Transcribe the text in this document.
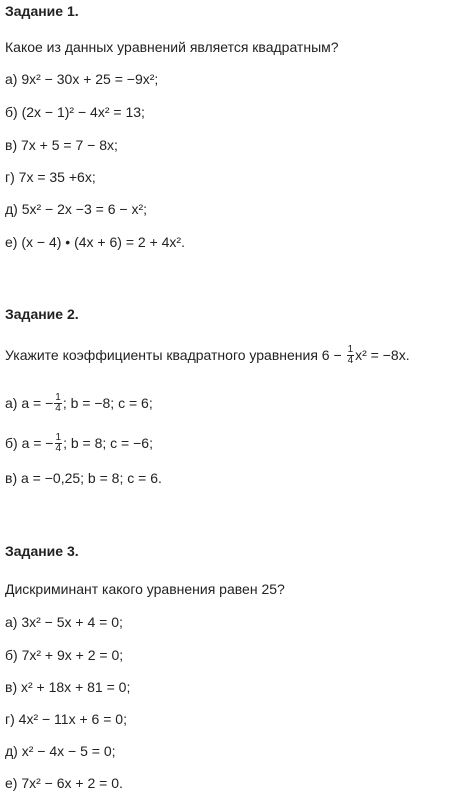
Задание 1.
Какое из данных уравнений является квадратным?
а) 9x² − 30x + 25 = −9x²;
б) (2x − 1)² − 4x² = 13;
в) 7x + 5 = 7 − 8x;
г) 7x = 35 +6x;
д) 5x² − 2x −3 = 6 − x²;
е) (x − 4) • (4x + 6) = 2 + 4x².
Задание 2.
Укажите коэффициенты квадратного уравнения $6 - \frac{1}{4} x^2 = -8x$.
а) a = − $\frac{1}{4}$ ; b = −8; c = 6;
б) a = − $\frac{1}{4}$ ; b = 8; c = −6;
в) a = −0,25; b = 8; c = 6.
Задание 3.
Дискриминант какого уравнения равен 25?
а) 3x² − 5x + 4 = 0;
б) 7x² + 9x + 2 = 0;
в) x² + 18x + 81 = 0;
г) 4x² − 11x + 6 = 0;
д) x² − 4x − 5 = 0;
е) 7x² − 6x + 2 = 0.
